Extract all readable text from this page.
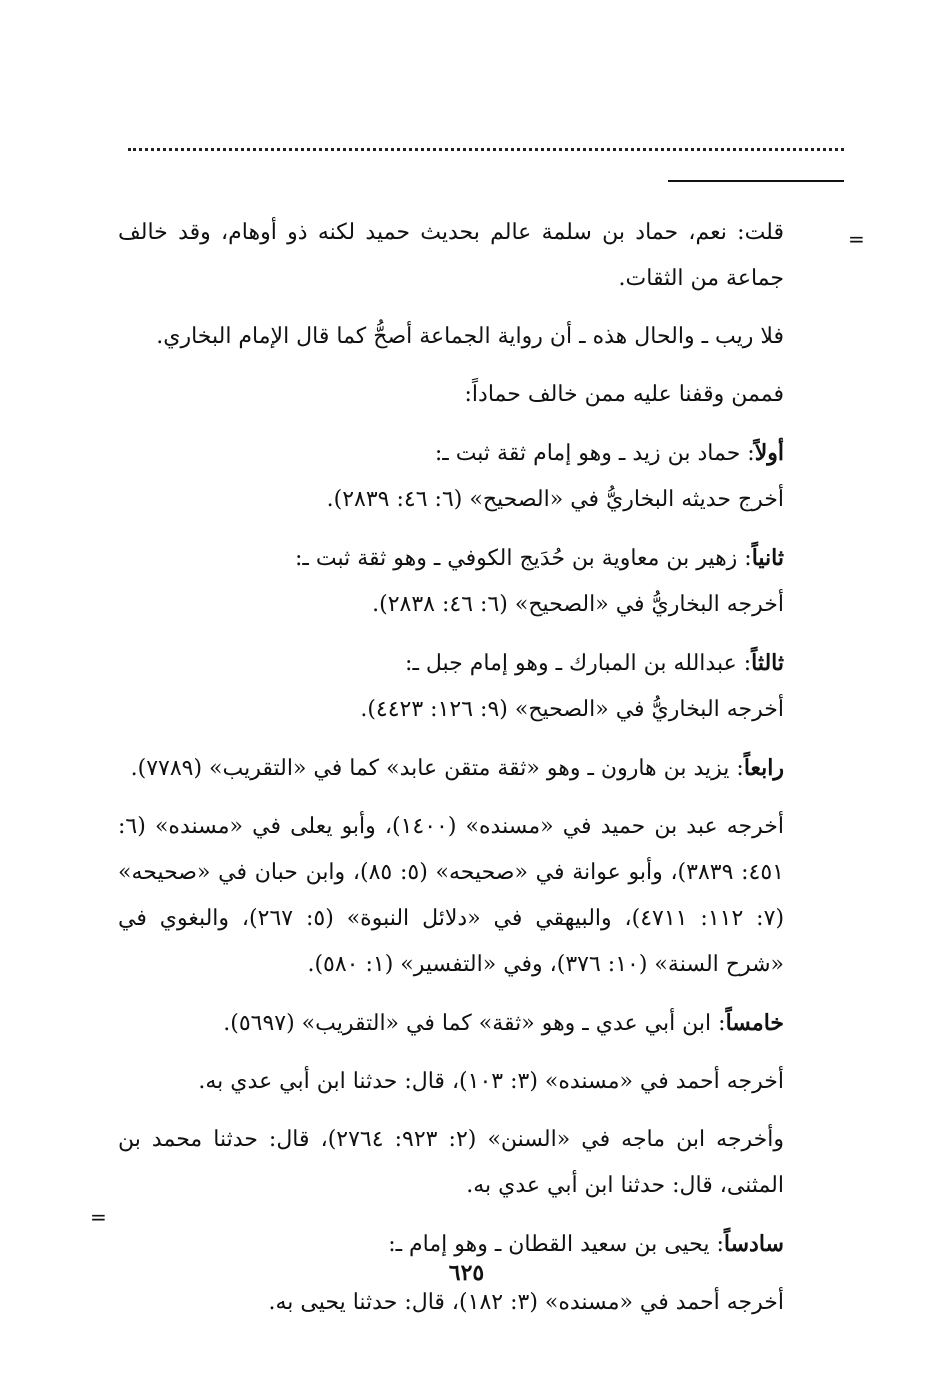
=

قلت: نعم، حماد بن سلمة عالم بحديث حميد لكنه ذو أوهام، وقد خالف جماعة من الثقات.

فلا ريب ـ والحال هذه ـ أن رواية الجماعة أصحُّ كما قال الإمام البخاري.

فممن وقفنا عليه ممن خالف حماداً:

أولاً: حماد بن زيد ـ وهو إمام ثقة ثبت ـ:

أخرج حديثه البخاريُّ في «الصحيح» (٦: ٤٦: ٢٨٣٩).

ثانياً: زهير بن معاوية بن حُدَيج الكوفي ـ وهو ثقة ثبت ـ:

أخرجه البخاريُّ في «الصحيح» (٦: ٤٦: ٢٨٣٨).

ثالثاً: عبدالله بن المبارك ـ وهو إمام جبل ـ:

أخرجه البخاريُّ في «الصحيح» (٩: ١٢٦: ٤٤٢٣).

رابعاً: يزيد بن هارون ـ وهو «ثقة متقن عابد» كما في «التقريب» (٧٧٨٩).

أخرجه عبد بن حميد في «مسنده» (١٤٠٠)، وأبو يعلى في «مسنده» (٦: ٤٥١: ٣٨٣٩)، وأبو عوانة في «صحيحه» (٥: ٨٥)، وابن حبان في «صحيحه» (٧: ١١٢: ٤٧١١)، والبيهقي في «دلائل النبوة» (٥: ٢٦٧)، والبغوي في «شرح السنة» (١٠: ٣٧٦)، وفي «التفسير» (١: ٥٨٠).

خامساً: ابن أبي عدي ـ وهو «ثقة» كما في «التقريب» (٥٦٩٧).

أخرجه أحمد في «مسنده» (٣: ١٠٣)، قال: حدثنا ابن أبي عدي به.

وأخرجه ابن ماجه في «السنن» (٢: ٩٢٣: ٢٧٦٤)، قال: حدثنا محمد بن المثنى، قال: حدثنا ابن أبي عدي به.

سادساً: يحيى بن سعيد القطان ـ وهو إمام ـ:

أخرجه أحمد في «مسنده» (٣: ١٨٢)، قال: حدثنا يحيى به.

=
٦٢٥
